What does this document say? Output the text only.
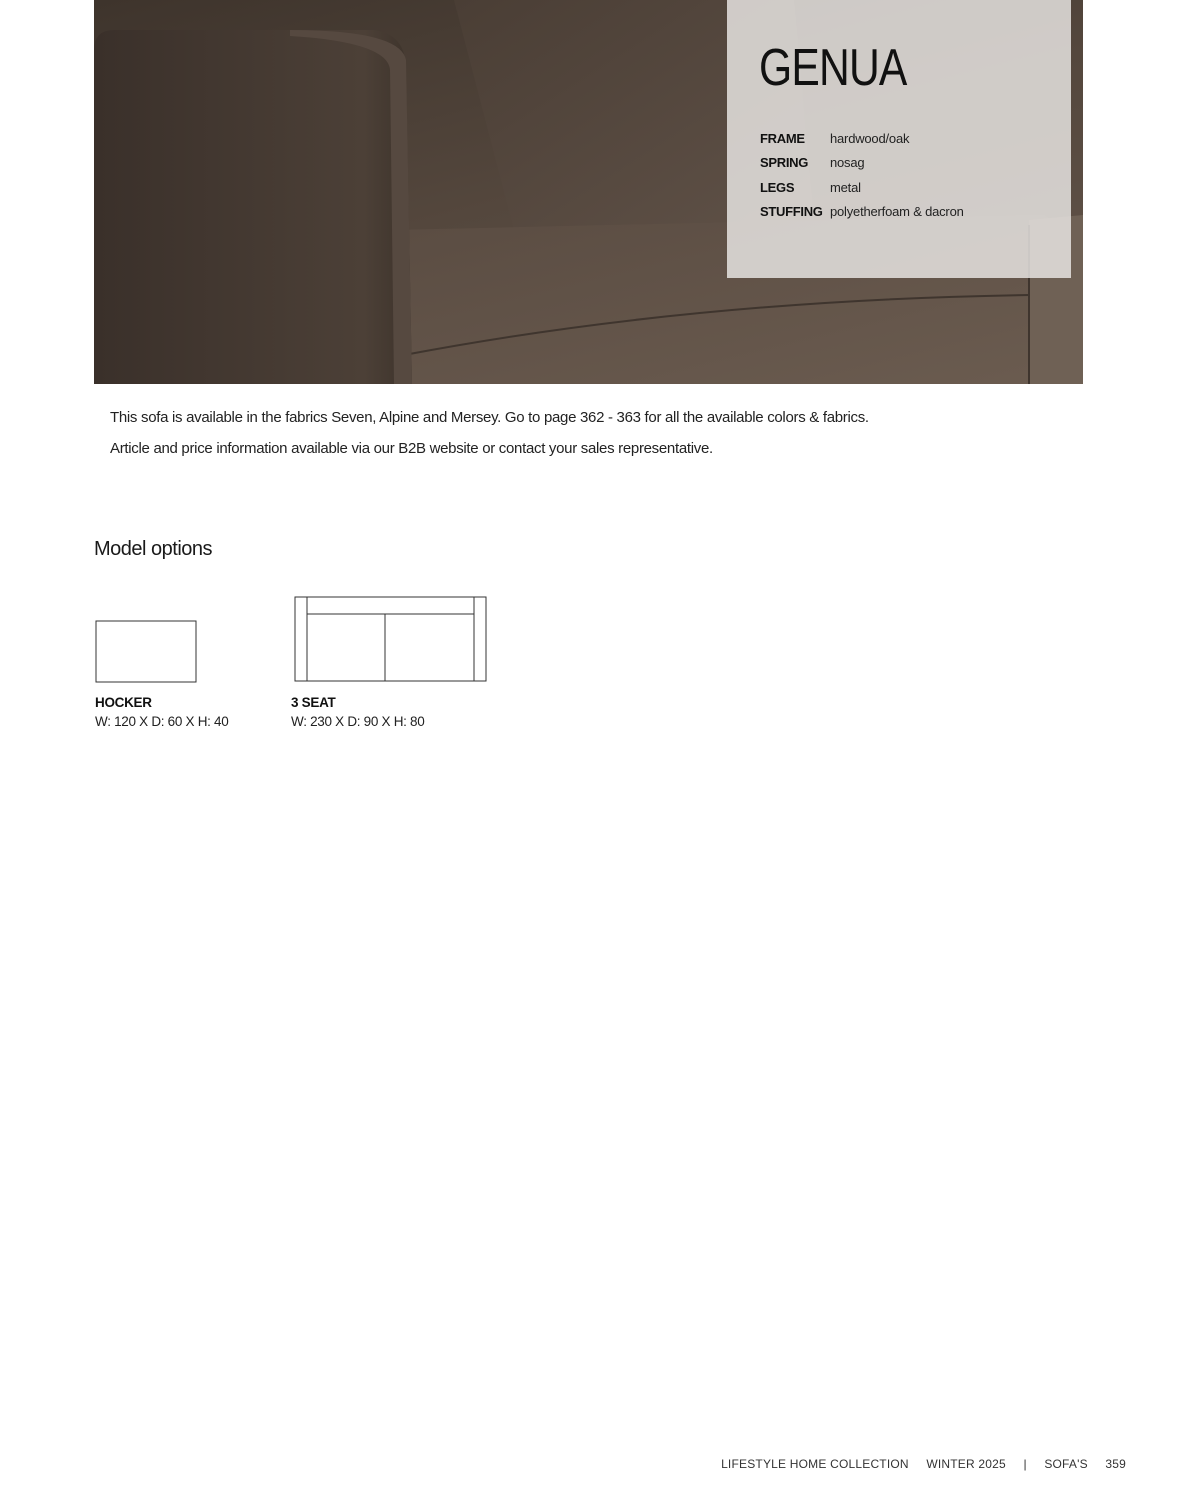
GENUA
FRAME	hardwood/oak
SPRING	nosag
LEGS	metal
STUFFING	polyetherfoam & dacron

This sofa is available in the fabrics Seven, Alpine and Mersey. Go to page 362 - 363 for all the available colors & fabrics.

Article and price information available via our B2B website or contact your sales representative.

Model options
HOCKER
W: 120 X D: 60 X H: 40
3 SEAT
W: 230 X D: 90 X H: 80
LIFESTYLE HOME COLLECTION WINTER 2025 | SOFA'S 359
